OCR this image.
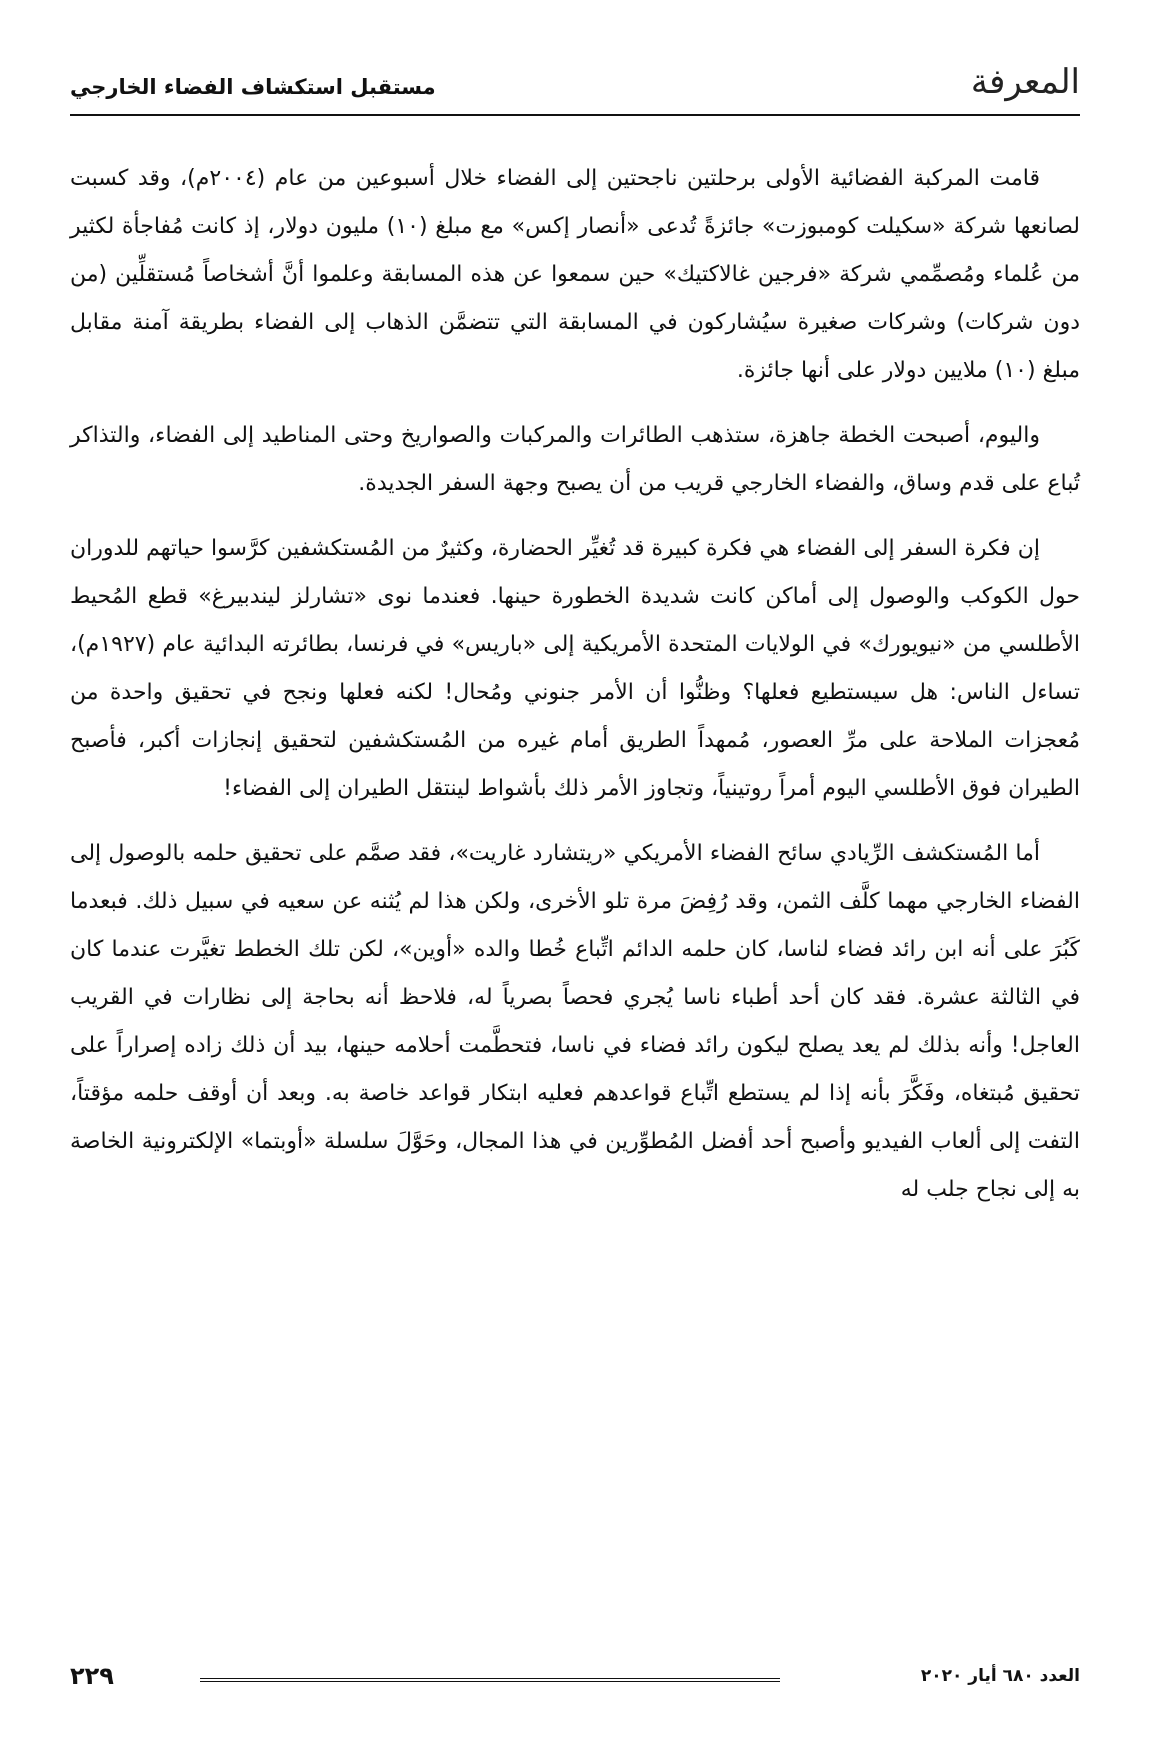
المعرفة
مستقبل استكشاف الفضاء الخارجي

قامت المركبة الفضائية الأولى برحلتين ناجحتين إلى الفضاء خلال أسبوعين من عام (٢٠٠٤م)، وقد كسبت لصانعها شركة «سكيلت كومبوزت» جائزةً تُدعى «أنصار إكس» مع مبلغ (١٠) مليون دولار، إذ كانت مُفاجأة لكثير من عُلماء ومُصمِّمي شركة «فرجين غالاكتيك» حين سمعوا عن هذه المسابقة وعلموا أنَّ أشخاصاً مُستقلِّين (من دون شركات) وشركات صغيرة سيُشاركون في المسابقة التي تتضمَّن الذهاب إلى الفضاء بطريقة آمنة مقابل مبلغ (١٠) ملايين دولار على أنها جائزة.

واليوم، أصبحت الخطة جاهزة، ستذهب الطائرات والمركبات والصواريخ وحتى المناطيد إلى الفضاء، والتذاكر تُباع على قدم وساق، والفضاء الخارجي قريب من أن يصبح وجهة السفر الجديدة.

إن فكرة السفر إلى الفضاء هي فكرة كبيرة قد تُغيِّر الحضارة، وكثيرٌ من المُستكشفين كرَّسوا حياتهم للدوران حول الكوكب والوصول إلى أماكن كانت شديدة الخطورة حينها. فعندما نوى «تشارلز ليندبيرغ» قطع المُحيط الأطلسي من «نيويورك» في الولايات المتحدة الأمريكية إلى «باريس» في فرنسا، بطائرته البدائية عام (١٩٢٧م)، تساءل الناس: هل سيستطيع فعلها؟ وظنُّوا أن الأمر جنوني ومُحال! لكنه فعلها ونجح في تحقيق واحدة من مُعجزات الملاحة على مرِّ العصور، مُمهداً الطريق أمام غيره من المُستكشفين لتحقيق إنجازات أكبر، فأصبح الطيران فوق الأطلسي اليوم أمراً روتينياً، وتجاوز الأمر ذلك بأشواط لينتقل الطيران إلى الفضاء!

أما المُستكشف الرِّيادي سائح الفضاء الأمريكي «ريتشارد غاريت»، فقد صمَّم على تحقيق حلمه بالوصول إلى الفضاء الخارجي مهما كلَّف الثمن، وقد رُفِضَ مرة تلو الأخرى، ولكن هذا لم يُثنه عن سعيه في سبيل ذلك. فبعدما كَبُرَ على أنه ابن رائد فضاء لناسا، كان حلمه الدائم اتِّباع خُطا والده «أوين»، لكن تلك الخطط تغيَّرت عندما كان في الثالثة عشرة. فقد كان أحد أطباء ناسا يُجري فحصاً بصرياً له، فلاحظ أنه بحاجة إلى نظارات في القريب العاجل! وأنه بذلك لم يعد يصلح ليكون رائد فضاء في ناسا، فتحطَّمت أحلامه حينها، بيد أن ذلك زاده إصراراً على تحقيق مُبتغاه، وفَكَّرَ بأنه إذا لم يستطع اتِّباع قواعدهم فعليه ابتكار قواعد خاصة به. وبعد أن أوقف حلمه مؤقتاً، التفت إلى ألعاب الفيديو وأصبح أحد أفضل المُطوِّرين في هذا المجال، وحَوَّلَ سلسلة «أوبتما» الإلكترونية الخاصة به إلى نجاح جلب له

العدد ٦٨٠ أيار ٢٠٢٠
٢٢٩
